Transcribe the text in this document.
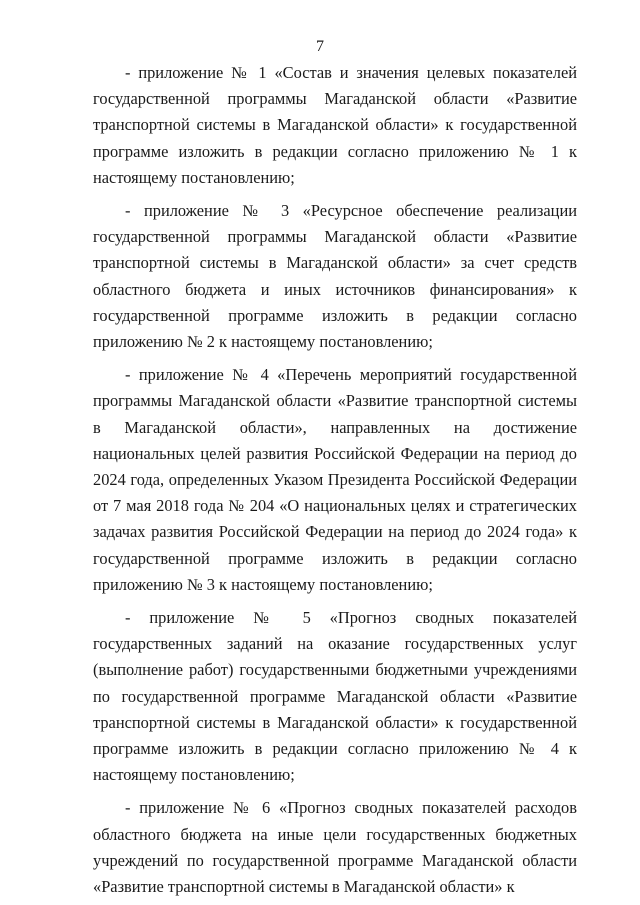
7

- приложение № 1 «Состав и значения целевых показателей государственной программы Магаданской области «Развитие транспортной системы в Магаданской области» к государственной программе изложить в редакции согласно приложению № 1 к настоящему постановлению;

- приложение № 3 «Ресурсное обеспечение реализации государственной программы Магаданской области «Развитие транспортной системы в Магаданской области» за счет средств областного бюджета и иных источников финансирования» к государственной программе изложить в редакции согласно приложению № 2 к настоящему постановлению;

- приложение № 4 «Перечень мероприятий государственной программы Магаданской области «Развитие транспортной системы в Магаданской области», направленных на достижение национальных целей развития Российской Федерации на период до 2024 года, определенных Указом Президента Российской Федерации от 7 мая 2018 года № 204 «О национальных целях и стратегических задачах развития Российской Федерации на период до 2024 года» к государственной программе изложить в редакции согласно приложению № 3 к настоящему постановлению;

- приложение № 5 «Прогноз сводных показателей государственных заданий на оказание государственных услуг (выполнение работ) государственными бюджетными учреждениями по государственной программе Магаданской области «Развитие транспортной системы в Магаданской области» к государственной программе изложить в редакции согласно приложению № 4 к настоящему постановлению;

- приложение № 6 «Прогноз сводных показателей расходов областного бюджета на иные цели государственных бюджетных учреждений по государственной программе Магаданской области «Развитие транспортной системы в Магаданской области» к
